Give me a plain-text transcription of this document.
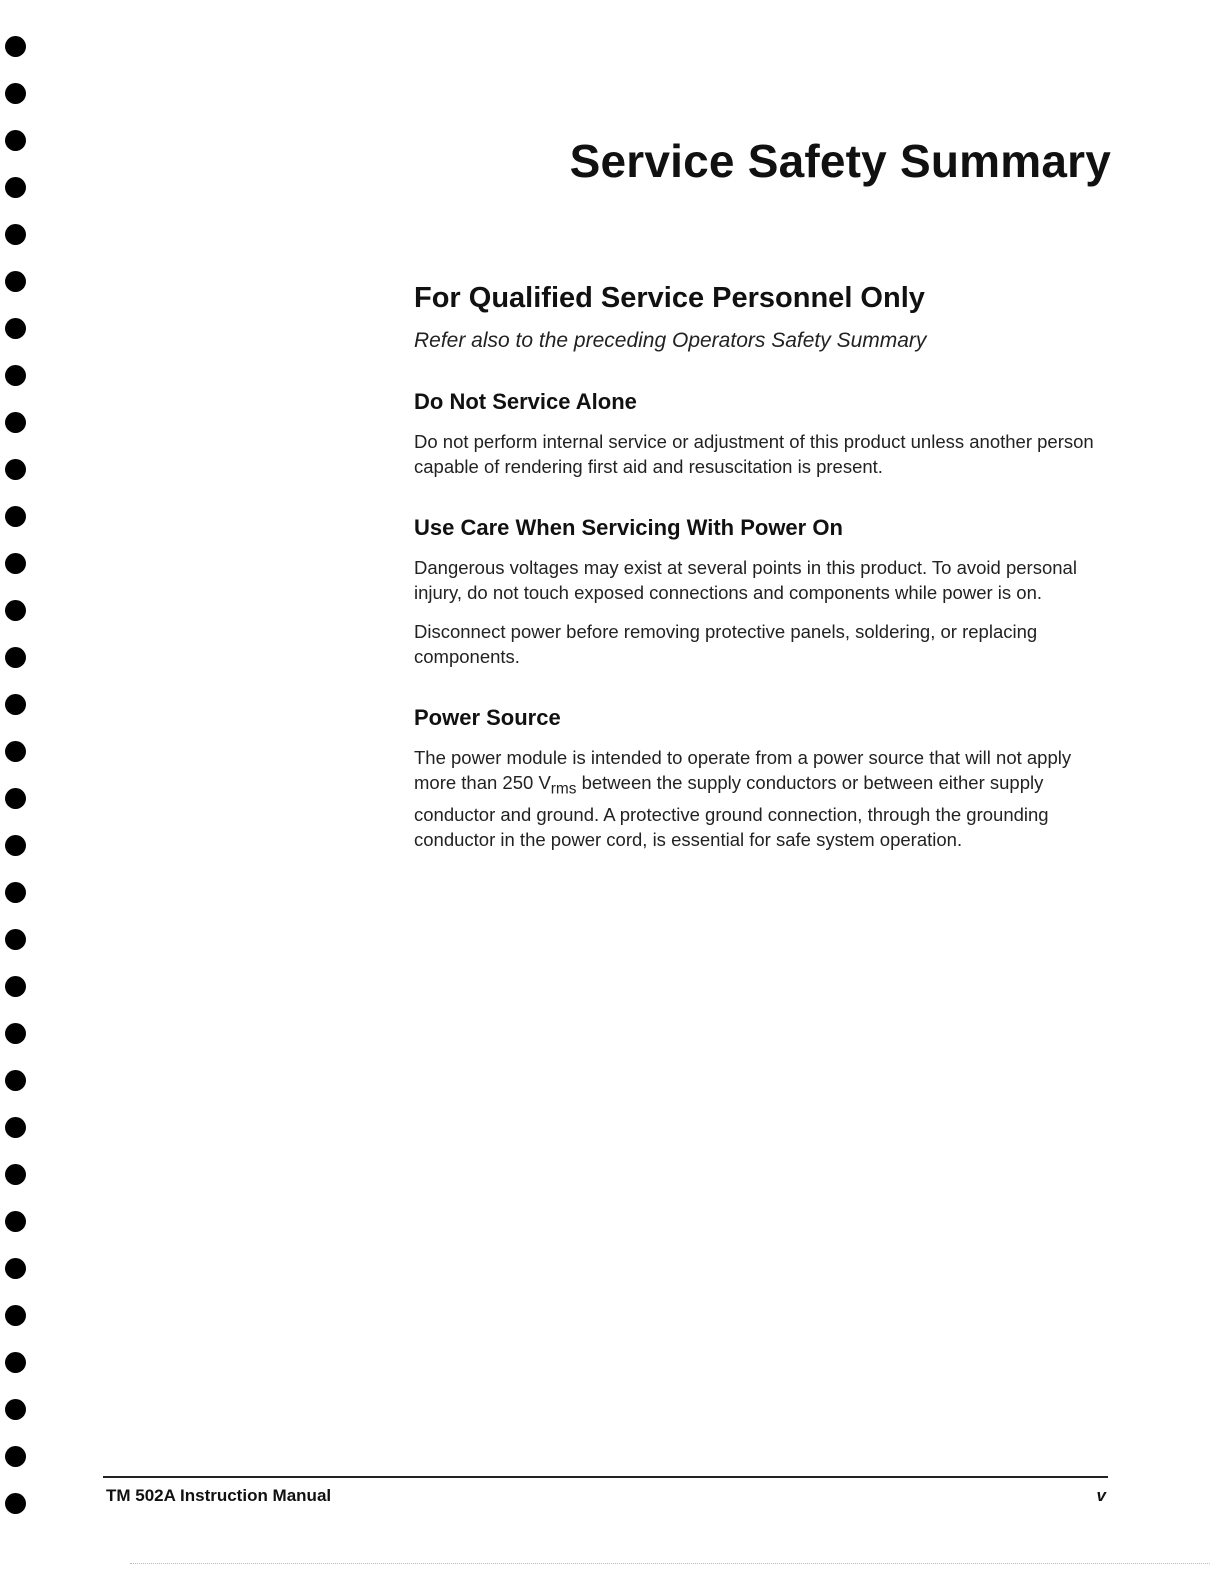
Service Safety Summary
For Qualified Service Personnel Only

Refer also to the preceding Operators Safety Summary

Do Not Service Alone

Do not perform internal service or adjustment of this product unless another person capable of rendering first aid and resuscitation is present.

Use Care When Servicing With Power On

Dangerous voltages may exist at several points in this product. To avoid personal injury, do not touch exposed connections and components while power is on.

Disconnect power before removing protective panels, soldering, or replacing components.

Power Source

The power module is intended to operate from a power source that will not apply more than 250 $V_{rms}$ between the supply conductors or between either supply conductor and ground. A protective ground connection, through the grounding conductor in the power cord, is essential for safe system operation.

TM 502A Instruction Manual	v
